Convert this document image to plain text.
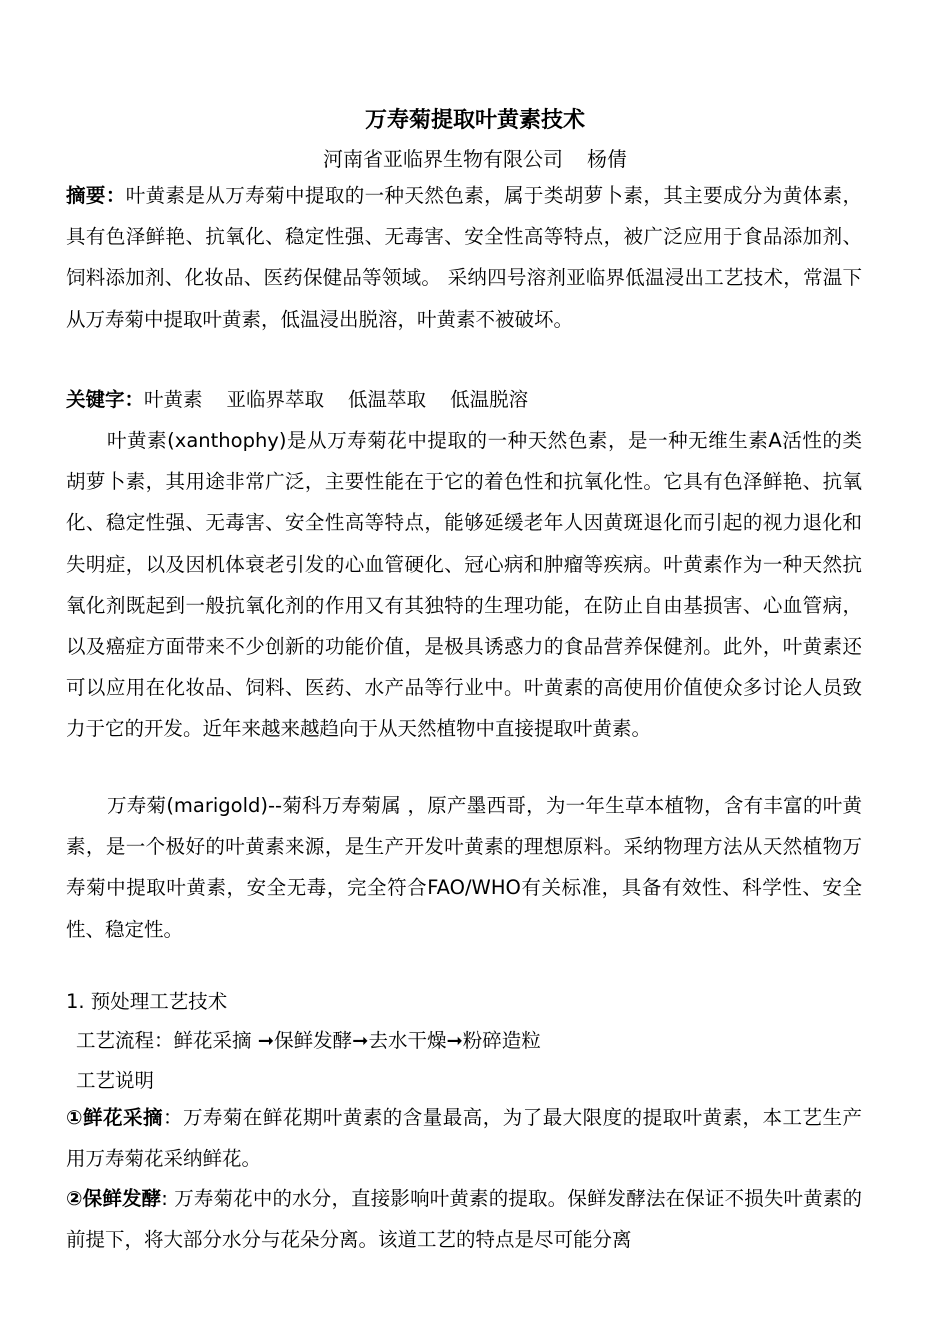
万寿菊提取叶黄素技术
河南省亚临界生物有限公司 杨倩
摘要：叶黄素是从万寿菊中提取的一种天然色素，属于类胡萝卜素，其主要成分为黄体素，具有色泽鲜艳、抗氧化、稳定性强、无毒害、安全性高等特点，被广泛应用于食品添加剂、饲料添加剂、化妆品、医药保健品等领域。 采纳四号溶剂亚临界低温浸出工艺技术，常温下从万寿菊中提取叶黄素，低温浸出脱溶，叶黄素不被破坏。
关键字：叶黄素 亚临界萃取 低温萃取 低温脱溶
叶黄素(xanthophy)是从万寿菊花中提取的一种天然色素，是一种无维生素A活性的类胡萝卜素，其用途非常广泛，主要性能在于它的着色性和抗氧化性。它具有色泽鲜艳、抗氧化、稳定性强、无毒害、安全性高等特点，能够延缓老年人因黄斑退化而引起的视力退化和失明症，以及因机体衰老引发的心血管硬化、冠心病和肿瘤等疾病。叶黄素作为一种天然抗氧化剂既起到一般抗氧化剂的作用又有其独特的生理功能，在防止自由基损害、心血管病，以及癌症方面带来不少创新的功能价值，是极具诱惑力的食品营养保健剂。此外，叶黄素还可以应用在化妆品、饲料、医药、水产品等行业中。叶黄素的高使用价值使众多讨论人员致力于它的开发。近年来越来越趋向于从天然植物中直接提取叶黄素。
万寿菊(marigold)--菊科万寿菊属 ，原产墨西哥，为一年生草本植物，含有丰富的叶黄素，是一个极好的叶黄素来源，是生产开发叶黄素的理想原料。采纳物理方法从天然植物万寿菊中提取叶黄素，安全无毒，完全符合FAO/WHO有关标准，具备有效性、科学性、安全性、稳定性。
1. 预处理工艺技术
工艺流程：鲜花采摘 ➞保鲜发酵➞去水干燥➞粉碎造粒
工艺说明
①鲜花采摘：万寿菊在鲜花期叶黄素的含量最高，为了最大限度的提取叶黄素，本工艺生产用万寿菊花采纳鲜花。
②保鲜发酵: 万寿菊花中的水分，直接影响叶黄素的提取。保鲜发酵法在保证不损失叶黄素的前提下，将大部分水分与花朵分离。该道工艺的特点是尽可能分离
